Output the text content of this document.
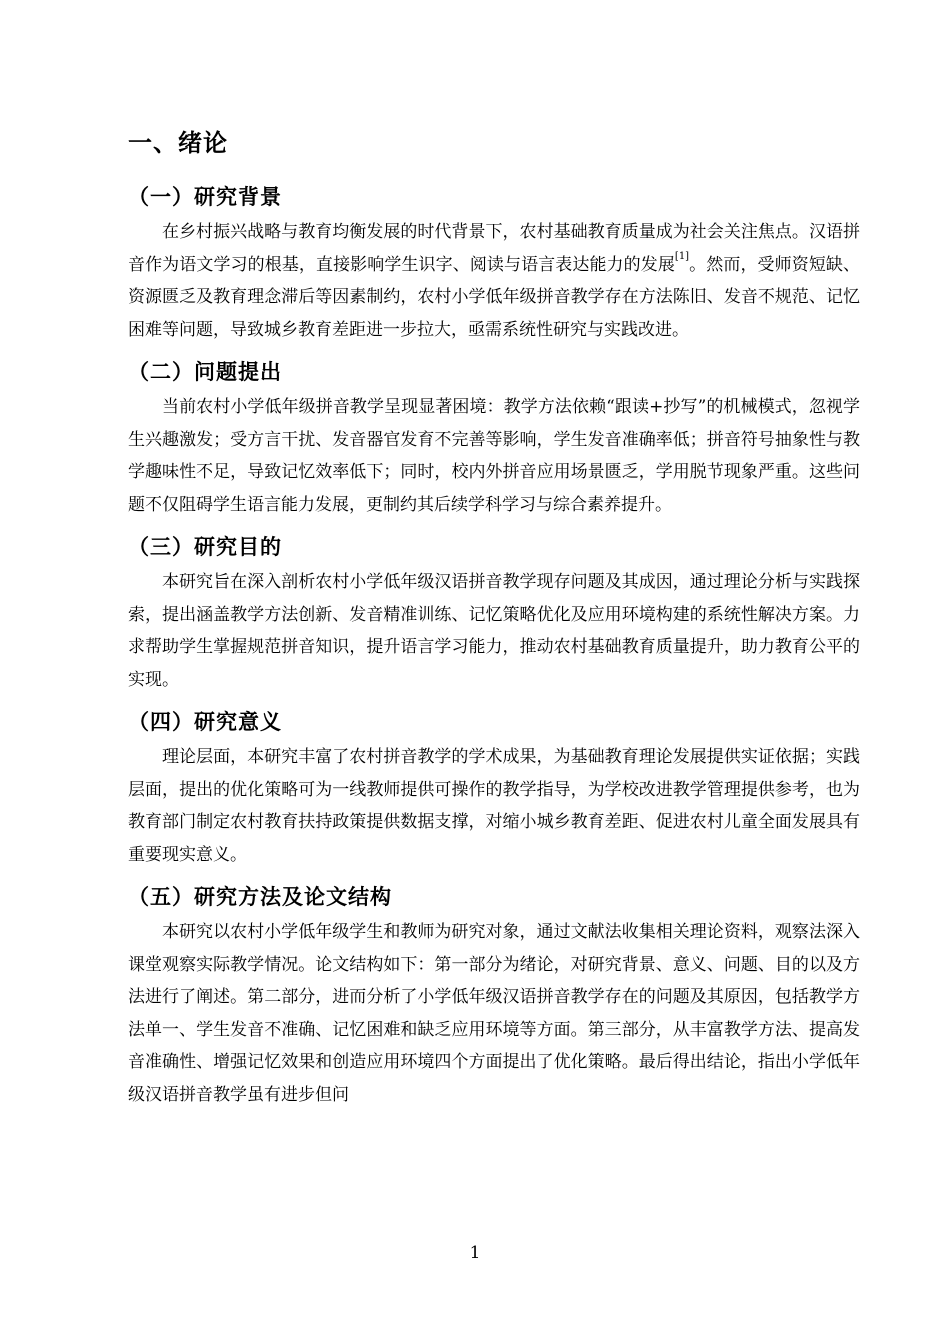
一、绪论
（一）研究背景

在乡村振兴战略与教育均衡发展的时代背景下，农村基础教育质量成为社会关注焦点。汉语拼音作为语文学习的根基，直接影响学生识字、阅读与语言表达能力的发展[1]。然而，受师资短缺、资源匮乏及教育理念滞后等因素制约，农村小学低年级拼音教学存在方法陈旧、发音不规范、记忆困难等问题，导致城乡教育差距进一步拉大，亟需系统性研究与实践改进。

（二）问题提出

当前农村小学低年级拼音教学呈现显著困境：教学方法依赖“跟读+抄写”的机械模式，忽视学生兴趣激发；受方言干扰、发音器官发育不完善等影响，学生发音准确率低；拼音符号抽象性与教学趣味性不足，导致记忆效率低下；同时，校内外拼音应用场景匮乏，学用脱节现象严重。这些问题不仅阻碍学生语言能力发展，更制约其后续学科学习与综合素养提升。

（三）研究目的

本研究旨在深入剖析农村小学低年级汉语拼音教学现存问题及其成因，通过理论分析与实践探索，提出涵盖教学方法创新、发音精准训练、记忆策略优化及应用环境构建的系统性解决方案。力求帮助学生掌握规范拼音知识，提升语言学习能力，推动农村基础教育质量提升，助力教育公平的实现。

（四）研究意义

理论层面，本研究丰富了农村拼音教学的学术成果，为基础教育理论发展提供实证依据；实践层面，提出的优化策略可为一线教师提供可操作的教学指导，为学校改进教学管理提供参考，也为教育部门制定农村教育扶持政策提供数据支撑，对缩小城乡教育差距、促进农村儿童全面发展具有重要现实意义。

（五）研究方法及论文结构

本研究以农村小学低年级学生和教师为研究对象，通过文献法收集相关理论资料，观察法深入课堂观察实际教学情况。论文结构如下：第一部分为绪论，对研究背景、意义、问题、目的以及方法进行了阐述。第二部分，进而分析了小学低年级汉语拼音教学存在的问题及其原因，包括教学方法单一、学生发音不准确、记忆困难和缺乏应用环境等方面。第三部分，从丰富教学方法、提高发音准确性、增强记忆效果和创造应用环境四个方面提出了优化策略。最后得出结论，指出小学低年级汉语拼音教学虽有进步但问

1
